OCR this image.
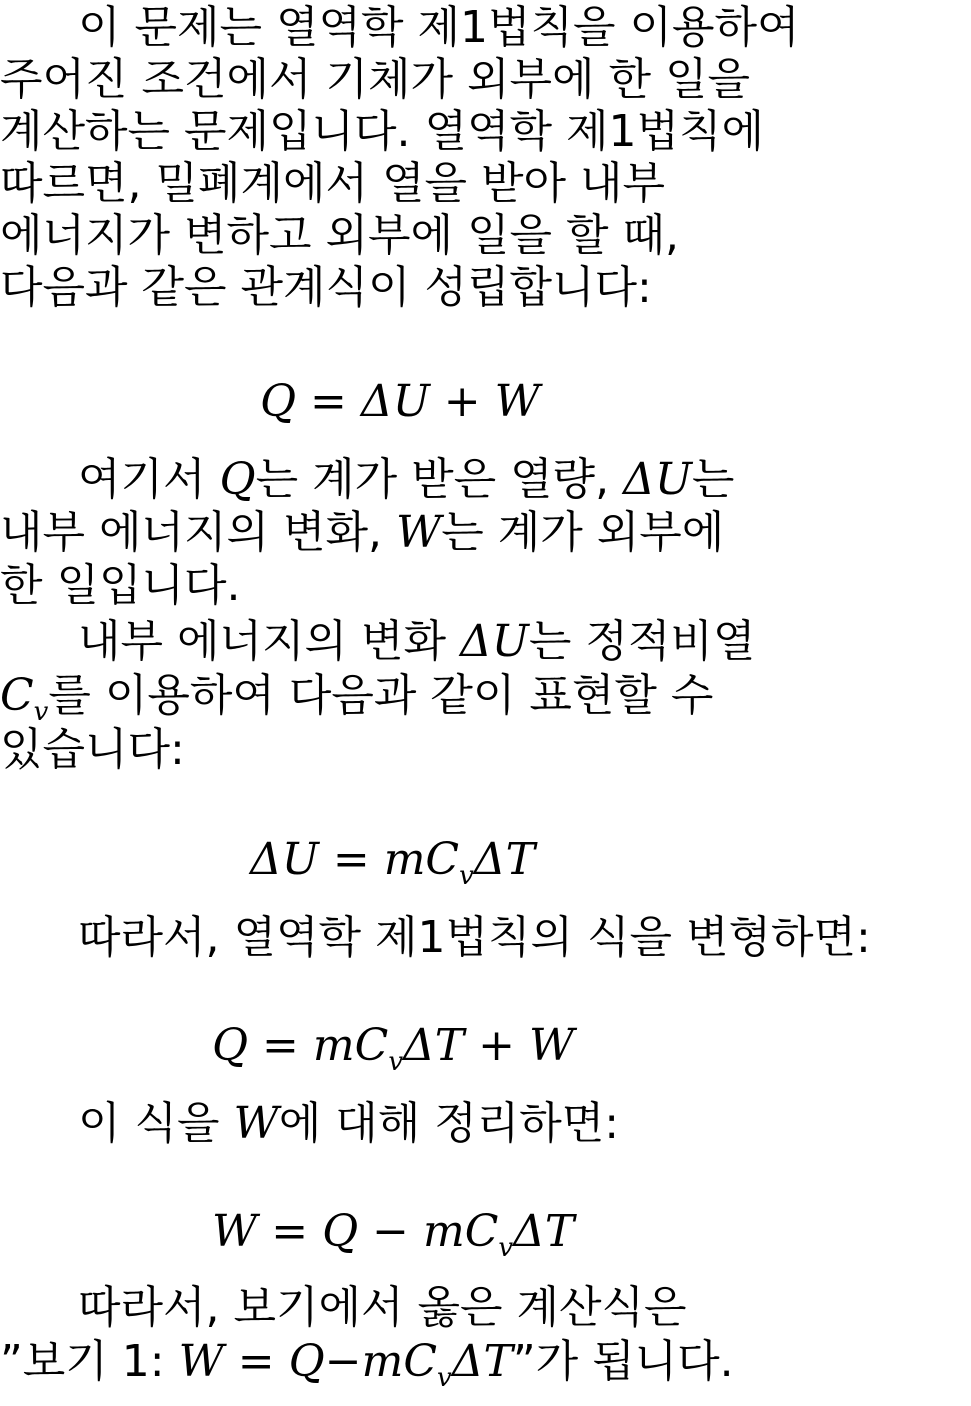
이 문제는 열역학 제1법칙을 이용하여
주어진 조건에서 기체가 외부에 한 일을
계산하는 문제입니다. 열역학 제1법칙에
따르면, 밀폐계에서 열을 받아 내부
에너지가 변하고 외부에 일을 할 때,
다음과 같은 관계식이 성립합니다:
Q = ΔU + W
여기서 Q는 계가 받은 열량, ΔU는
내부 에너지의 변화, W는 계가 외부에
한 일입니다.
내부 에너지의 변화 ΔU는 정적비열
$C_v$를 이용하여 다음과 같이 표현할 수
있습니다:
$\Delta U = mC_v\Delta T$
따라서, 열역학 제1법칙의 식을 변형하면:
$Q = mC_v\Delta T + W$
이 식을 W에 대해 정리하면:
$W = Q - mC_v\Delta T$
따라서, 보기에서 옳은 계산식은
”보기 1: $W = Q-mC_v\Delta T$”가 됩니다.
